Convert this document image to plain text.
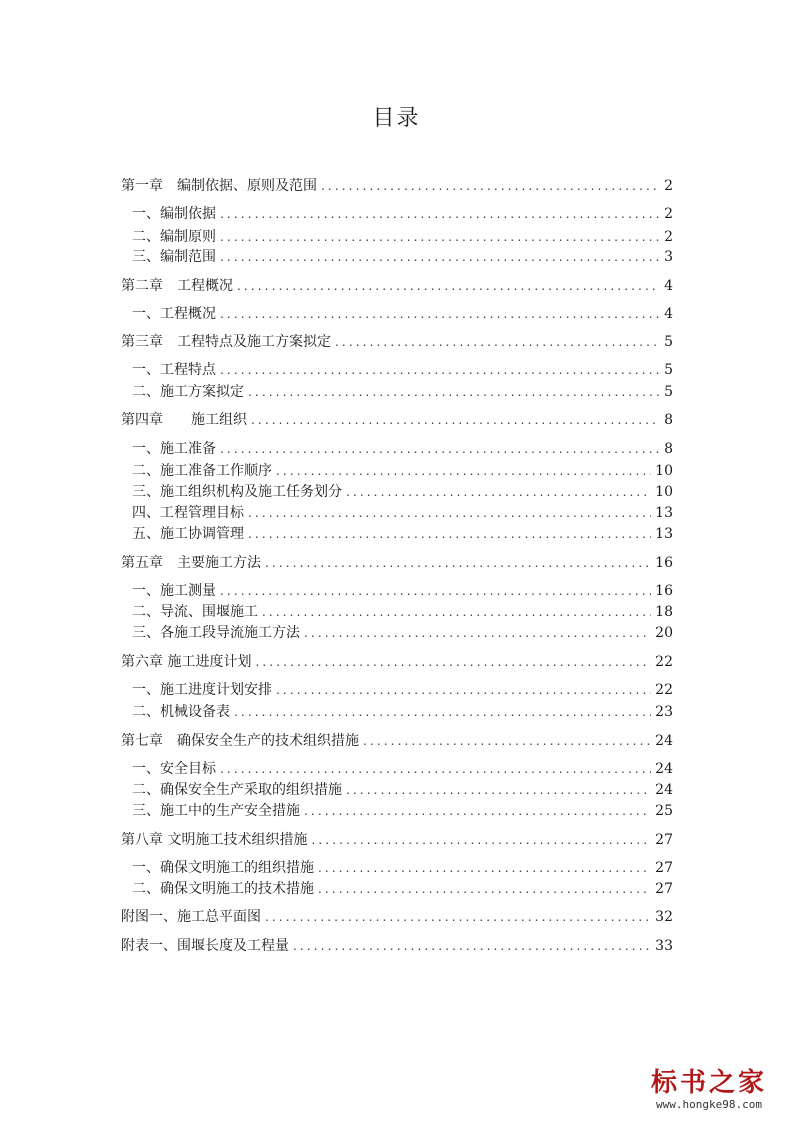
目录
第一章　编制依据、原则及范围 .....	2
一、编制依据 .....	2
二、编制原则 .....	2
三、编制范围 .....	3
第二章　工程概况 .....	4
一、工程概况 .....	4
第三章　工程特点及施工方案拟定 .....	5
一、工程特点 .....	5
二、施工方案拟定 .....	5
第四章　　施工组织 .....	8
一、施工准备 .....	8
二、施工准备工作顺序 .....	10
三、施工组织机构及施工任务划分 .....	10
四、工程管理目标 .....	13
五、施工协调管理 .....	13
第五章　主要施工方法 .....	16
一、施工测量 .....	16
二、导流、围堰施工 .....	18
三、各施工段导流施工方法 .....	20
第六章 施工进度计划 .....	22
一、施工进度计划安排 .....	22
二、机械设备表 .....	23
第七章　确保安全生产的技术组织措施 .....	24
一、安全目标 .....	24
二、确保安全生产采取的组织措施 .....	24
三、施工中的生产安全措施 .....	25
第八章 文明施工技术组织措施 .....	27
一、确保文明施工的组织措施 .....	27
二、确保文明施工的技术措施 .....	27
附图一、施工总平面图 .....	32
附表一、围堰长度及工程量 .....	33
标书之家
www.hongke98.com
